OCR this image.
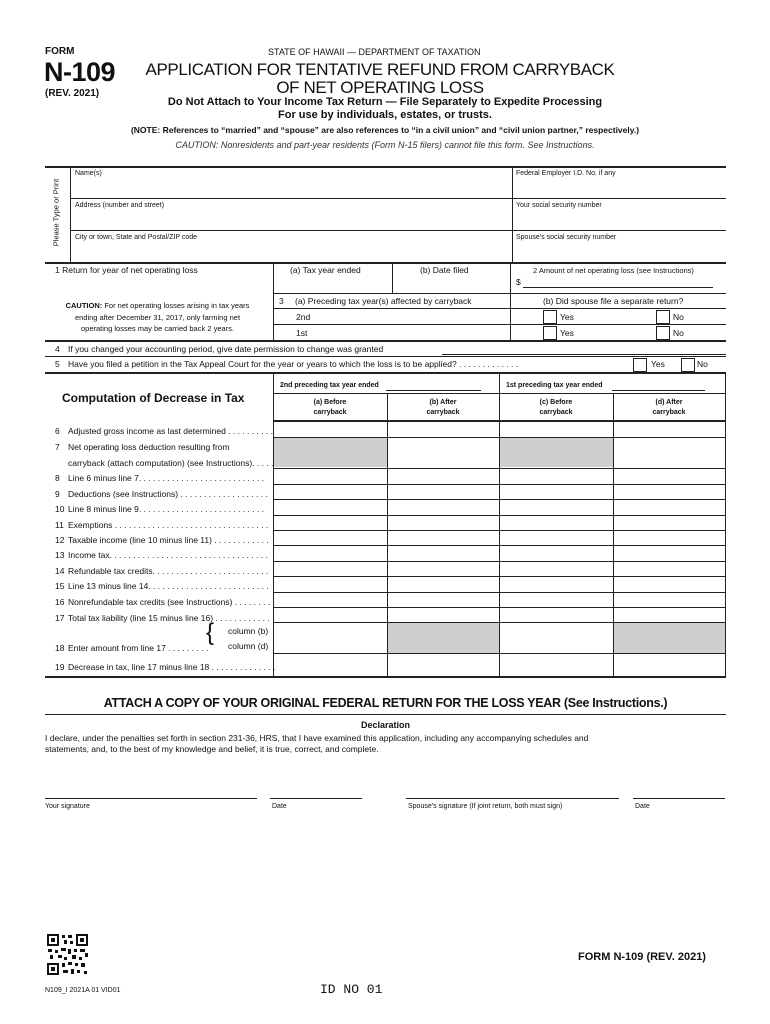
FORM
N-109
(REV. 2021)
STATE OF HAWAII — DEPARTMENT OF TAXATION
APPLICATION FOR TENTATIVE REFUND FROM CARRYBACK
OF NET OPERATING LOSS
Do Not Attach to Your Income Tax Return — File Separately to Expedite Processing
For use by individuals, estates, or trusts.
(NOTE: References to “married” and “spouse” are also references to “in a civil union” and “civil union partner,” respectively.)
CAUTION: Nonresidents and part-year residents (Form N-15 filers) cannot file this form. See Instructions.
Please Type or Print
Name(s)	Federal Employer I.D. No. if any
Address (number and street)	Your social security number
City or town, State and Postal/ZIP code	Spouse’s social security number
1 Return for year of net operating loss	(a) Tax year ended	(b) Date filed	2 Amount of net operating loss (see Instructions)
$
CAUTION: For net operating losses arising in tax years
ending after December 31, 2017, only farming net
operating losses may be carried back 2 years.
3 (a) Preceding tax year(s) affected by carryback	(b) Did spouse file a separate return?
2nd
1st
Yes	No
Yes	No
4 If you changed your accounting period, give date permission to change was granted
5 Have you filed a petition in the Tax Appeal Court for the year or years to which the loss is to be applied? . . . . . . . . . . . . .	Yes	No
Computation of Decrease in Tax
2nd preceding tax year ended	1st preceding tax year ended
(a) Before
carryback
(b) After
carryback
(c) Before
carryback
(d) After
carryback
6 Adjusted gross income as last determined . . . . . . . . . .
7 Net operating loss deduction resulting from
carryback (attach computation) (see Instructions). . . . .
8 Line 6 minus line 7. . . . . . . . . . . . . . . . . . . . . . . . . . .
9 Deductions (see Instructions) . . . . . . . . . . . . . . . . . . .
10 Line 8 minus line 9. . . . . . . . . . . . . . . . . . . . . . . . . . .
11 Exemptions . . . . . . . . . . . . . . . . . . . . . . . . . . . . . . . . .
12 Taxable income (line 10 minus line 11) . . . . . . . . . . . .
13 Income tax. . . . . . . . . . . . . . . . . . . . . . . . . . . . . . . . . .
14 Refundable tax credits. . . . . . . . . . . . . . . . . . . . . . . . .
15 Line 13 minus line 14. . . . . . . . . . . . . . . . . . . . . . . . . .
16 Nonrefundable tax credits (see Instructions) . . . . . . . . .
17 Total tax liability (line 15 minus line 16) . . . . . . . . . . . .
18 Enter amount from line 17 . . . . . . . . .
{ column (b)
column (d)
19 Decrease in tax, line 17 minus line 18 . . . . . . . . . . . . . .
ATTACH A COPY OF YOUR ORIGINAL FEDERAL RETURN FOR THE LOSS YEAR (See Instructions.)
Declaration
I declare, under the penalties set forth in section 231-36, HRS, that I have examined this application, including any accompanying schedules and
statements, and, to the best of my knowledge and belief, it is true, correct, and complete.
Your signature	Date	Spouse’s signature (If joint return, both must sign)	Date
N109_I 2021A 01 VID01	ID NO 01
FORM N-109 (REV. 2021)
